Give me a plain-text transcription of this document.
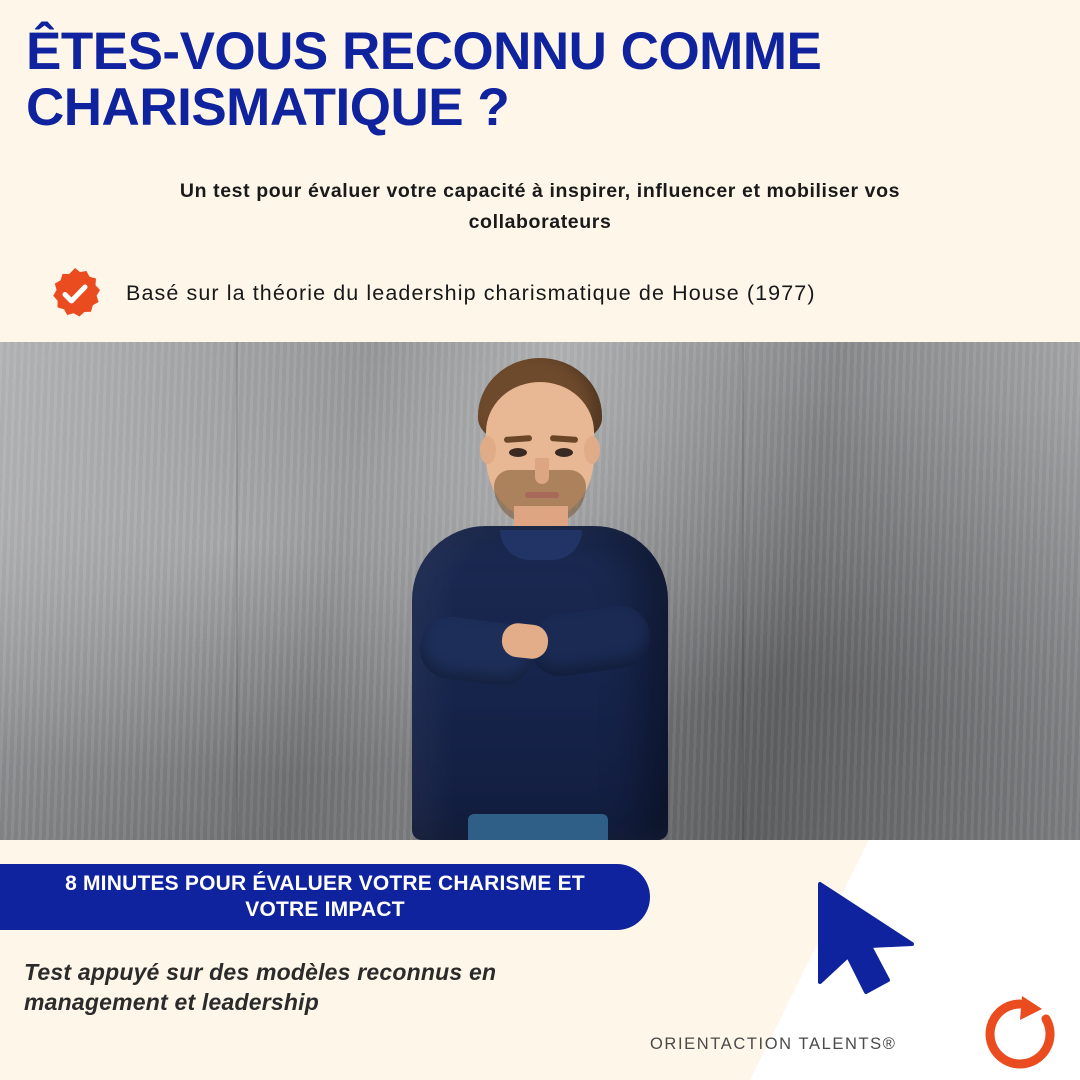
ÊTES-VOUS RECONNU COMME CHARISMATIQUE ?
Un test pour évaluer votre capacité à inspirer, influencer et mobiliser vos collaborateurs
Basé sur la théorie du leadership charismatique de House (1977)
8 MINUTES POUR ÉVALUER VOTRE CHARISME ET VOTRE IMPACT
Test appuyé sur des modèles reconnus en management et leadership
ORIENTACTION TALENTS®
